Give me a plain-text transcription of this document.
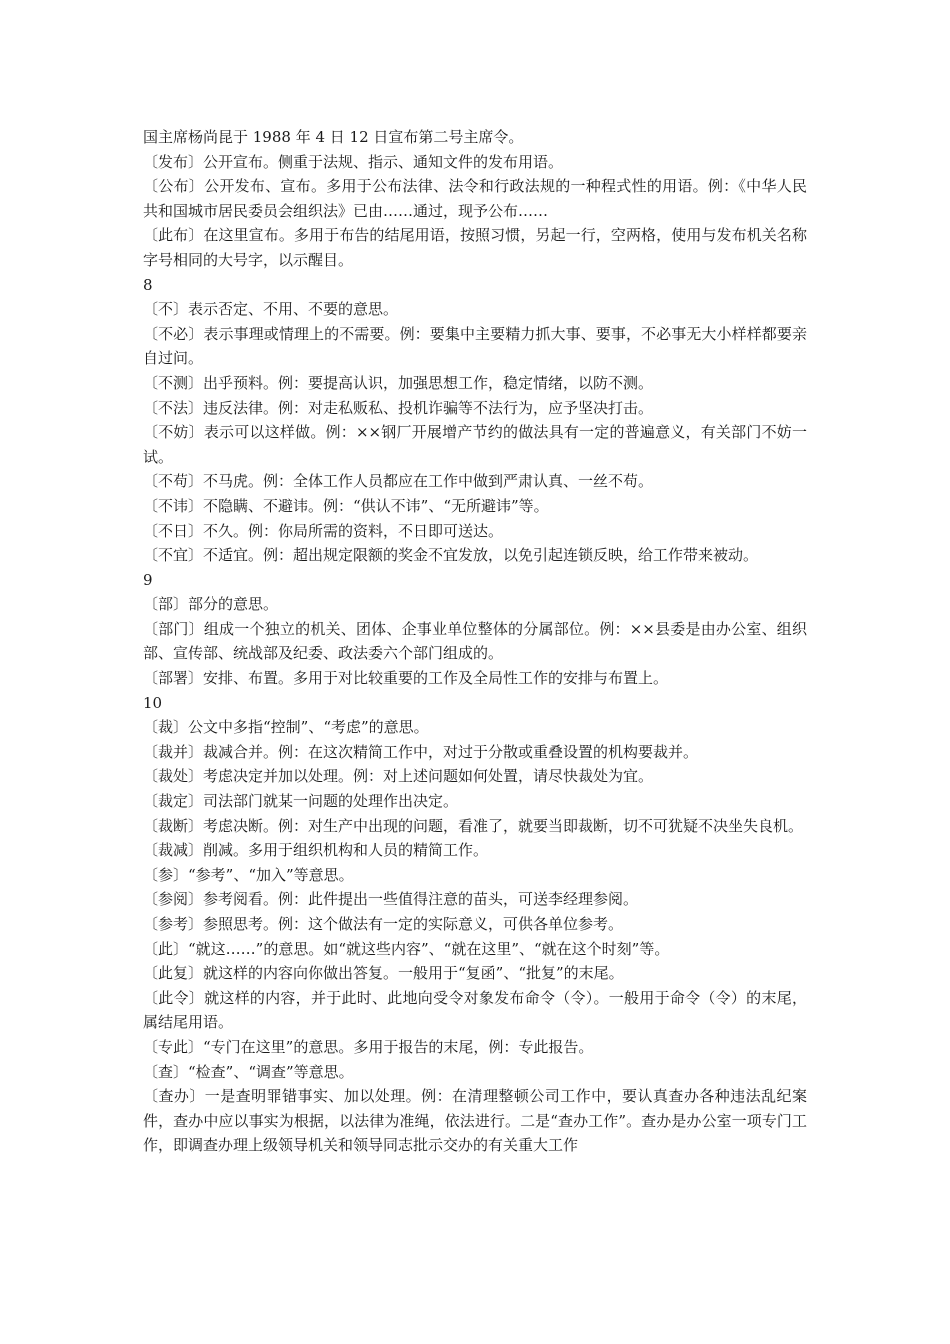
国主席杨尚昆于 1988 年 4 日 12 日宣布第二号主席令。

〔发布〕公开宣布。侧重于法规、指示、通知文件的发布用语。

〔公布〕公开发布、宣布。多用于公布法律、法令和行政法规的一种程式性的用语。例：《中华人民共和国城市居民委员会组织法》已由……通过，现予公布……

〔此布〕在这里宣布。多用于布告的结尾用语，按照习惯，另起一行，空两格，使用与发布机关名称字号相同的大号字，以示醒目。

8

〔不〕表示否定、不用、不要的意思。

〔不必〕表示事理或情理上的不需要。例：要集中主要精力抓大事、要事，不必事无大小样样都要亲自过问。

〔不测〕出乎预料。例：要提高认识，加强思想工作，稳定情绪，以防不测。

〔不法〕违反法律。例：对走私贩私、投机诈骗等不法行为，应予坚决打击。

〔不妨〕表示可以这样做。例：××钢厂开展增产节约的做法具有一定的普遍意义，有关部门不妨一试。

〔不苟〕不马虎。例：全体工作人员都应在工作中做到严肃认真、一丝不苟。

〔不讳〕不隐瞒、不避讳。例：“供认不讳”、“无所避讳”等。

〔不日〕不久。例：你局所需的资料，不日即可送达。

〔不宜〕不适宜。例：超出规定限额的奖金不宜发放，以免引起连锁反映，给工作带来被动。

9

〔部〕部分的意思。

〔部门〕组成一个独立的机关、团体、企事业单位整体的分属部位。例：××县委是由办公室、组织部、宣传部、统战部及纪委、政法委六个部门组成的。

〔部署〕安排、布置。多用于对比较重要的工作及全局性工作的安排与布置上。

10

〔裁〕公文中多指“控制”、“考虑”的意思。

〔裁并〕裁减合并。例：在这次精简工作中，对过于分散或重叠设置的机构要裁并。

〔裁处〕考虑决定并加以处理。例：对上述问题如何处置，请尽快裁处为宜。

〔裁定〕司法部门就某一问题的处理作出决定。

〔裁断〕考虑决断。例：对生产中出现的问题，看准了，就要当即裁断，切不可犹疑不决坐失良机。

〔裁减〕削减。多用于组织机构和人员的精简工作。

〔参〕“参考”、“加入”等意思。

〔参阅〕参考阅看。例：此件提出一些值得注意的苗头，可送李经理参阅。

〔参考〕参照思考。例：这个做法有一定的实际意义，可供各单位参考。

〔此〕“就这……”的意思。如“就这些内容”、“就在这里”、“就在这个时刻”等。

〔此复〕就这样的内容向你做出答复。一般用于“复函”、“批复”的末尾。

〔此令〕就这样的内容，并于此时、此地向受令对象发布命令（令）。一般用于命令（令）的末尾，属结尾用语。

〔专此〕“专门在这里”的意思。多用于报告的末尾，例：专此报告。

〔查〕“检查”、“调查”等意思。

〔查办〕一是查明罪错事实、加以处理。例：在清理整顿公司工作中，要认真查办各种违法乱纪案件，查办中应以事实为根据，以法律为准绳，依法进行。二是“查办工作”。查办是办公室一项专门工作，即调查办理上级领导机关和领导同志批示交办的有关重大工作
